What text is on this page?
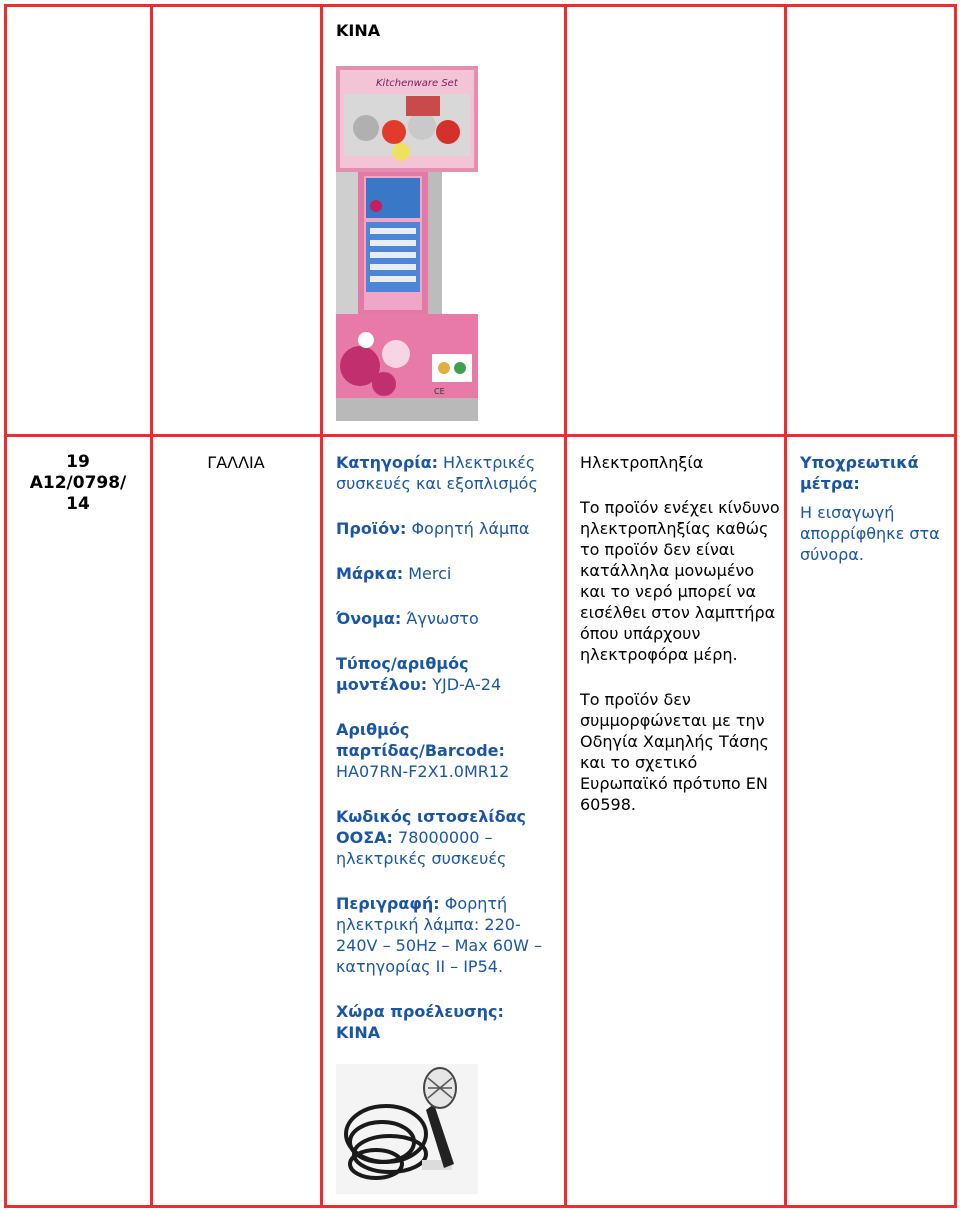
ΚΙΝΑ
Kitchenware Set
CE
19
A12/0798/
14
ΓΑΛΛΙΑ	Κατηγορία: Ηλεκτρικές συσκευές και εξοπλισμός
Προϊόν: Φορητή λάμπα
Μάρκα: Merci
Όνομα: Άγνωστο
Τύπος/αριθμός μοντέλου: YJD-A-24
Αριθμός παρτίδας/Barcode: HA07RN-F2X1.0MR12
Κωδικός ιστοσελίδας ΟΟΣΑ: 78000000 – ηλεκτρικές συσκευές
Περιγραφή: Φορητή ηλεκτρική λάμπα: 220-240V – 50Hz – Max 60W – κατηγορίας II – IP54.
Χώρα προέλευσης:
ΚΙΝΑ
Ηλεκτροπληξία
Το προϊόν ενέχει κίνδυνο ηλεκτροπληξίας καθώς το προϊόν δεν είναι κατάλληλα μονωμένο και το νερό μπορεί να εισέλθει στον λαμπτήρα όπου υπάρχουν ηλεκτροφόρα μέρη.
Το προϊόν δεν συμμορφώνεται με την Οδηγία Χαμηλής Τάσης και το σχετικό Ευρωπαϊκό πρότυπο EN 60598.
Υποχρεωτικά μέτρα:
Η εισαγωγή απορρίφθηκε στα σύνορα.
